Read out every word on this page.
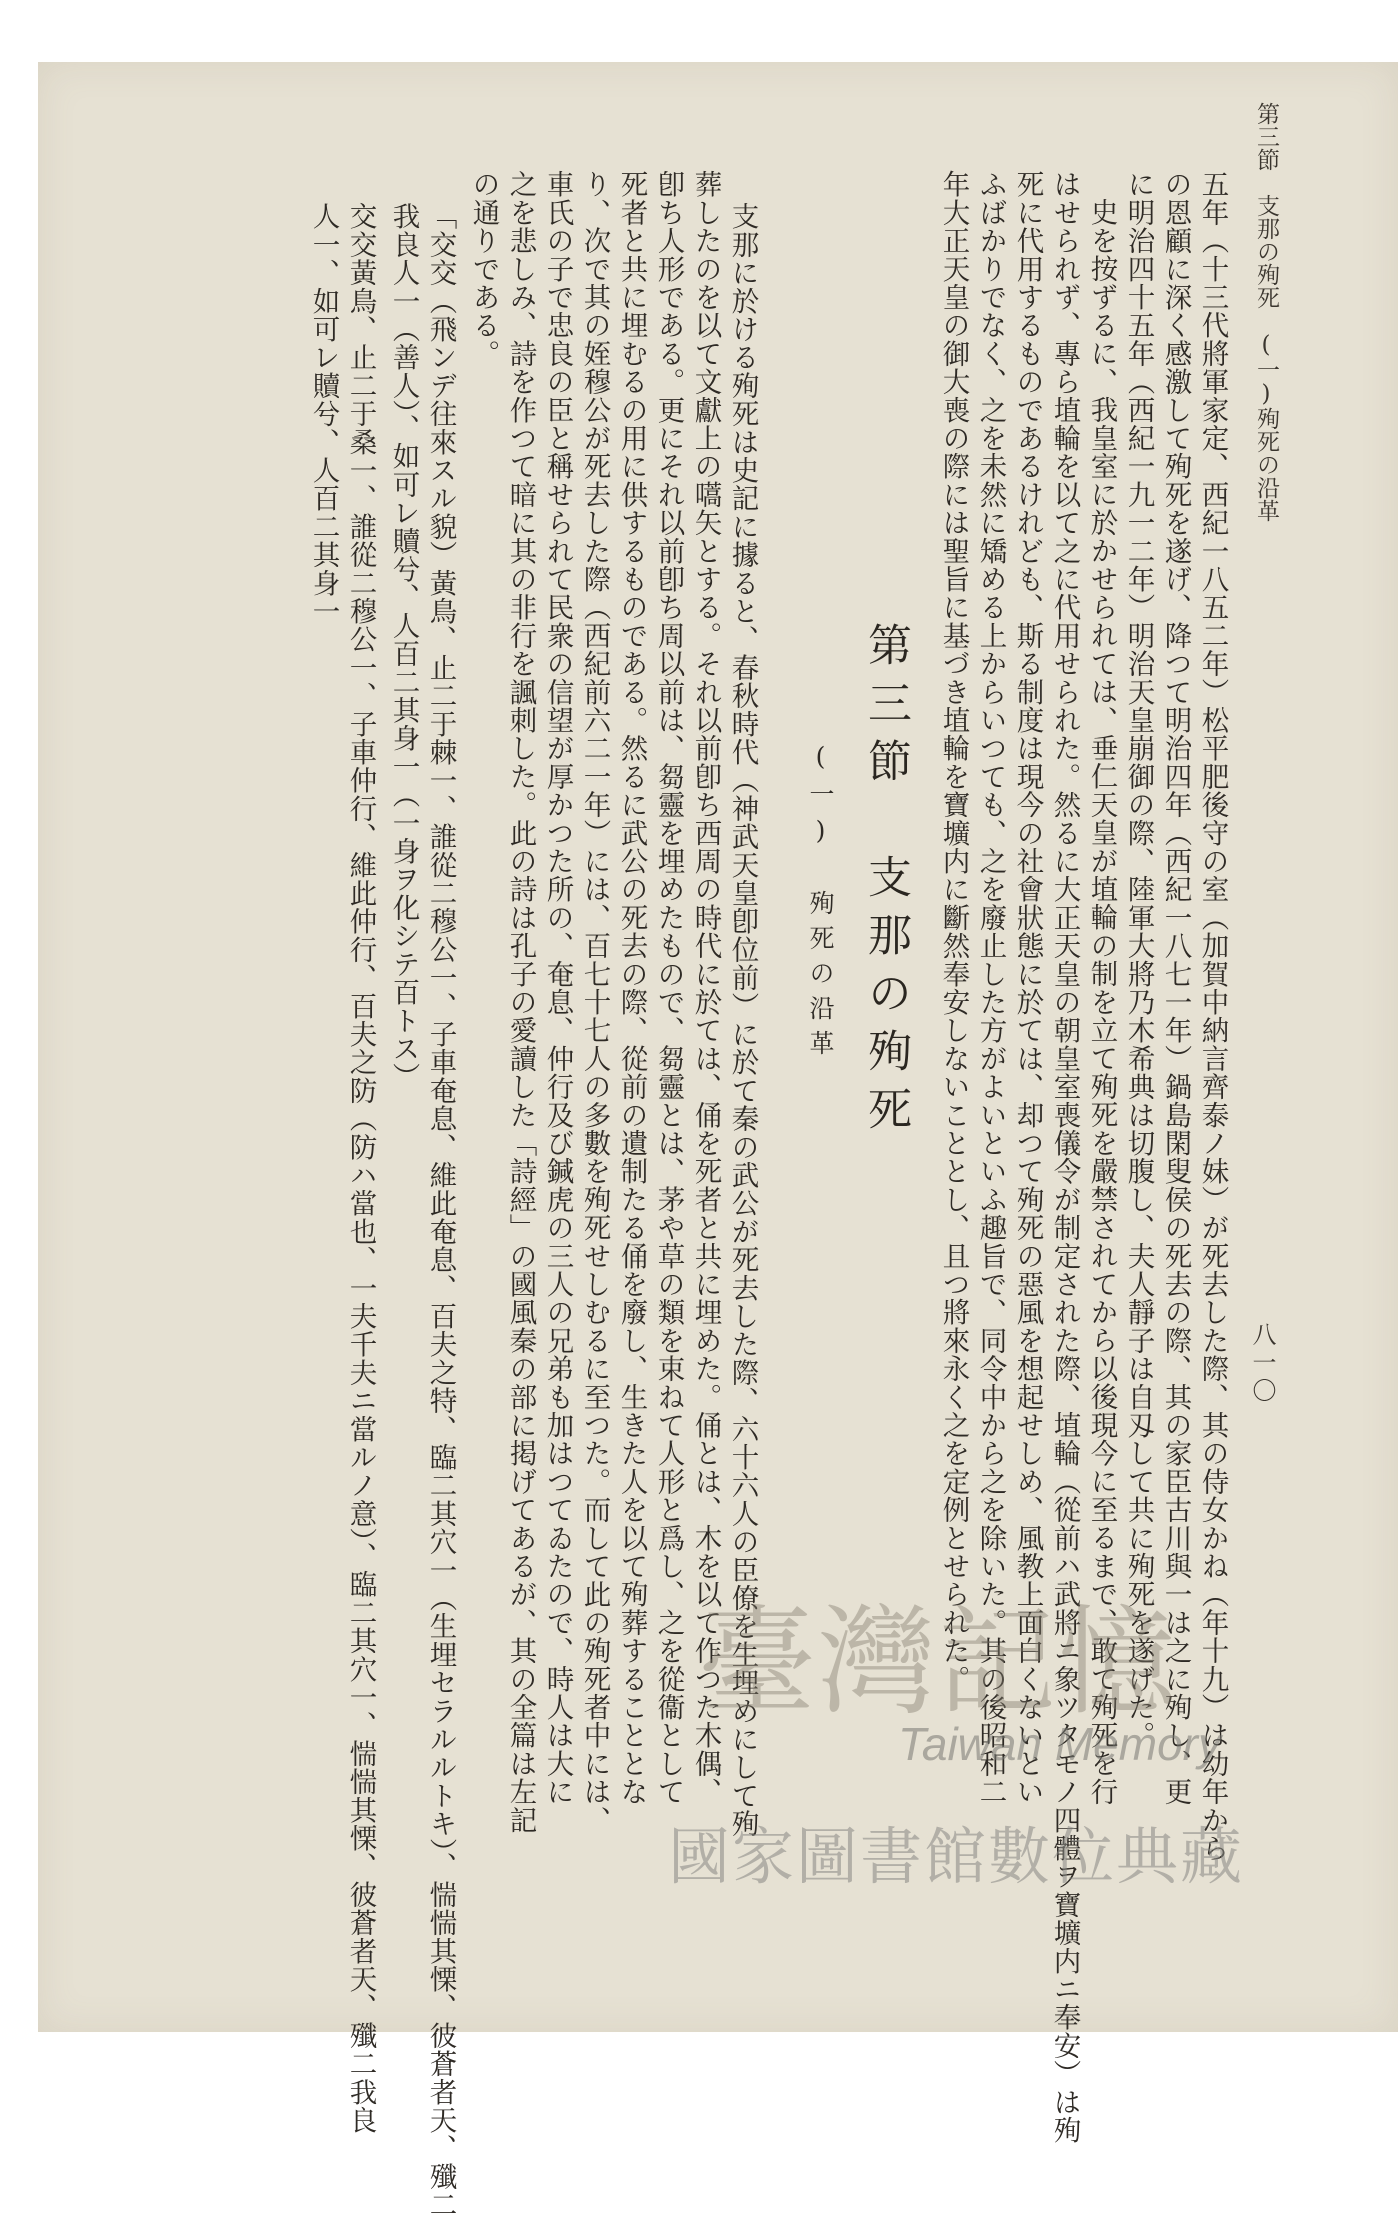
第三節　支那の殉死　(一)殉死の沿革
八一〇
五年（十三代將軍家定、西紀一八五二年）松平肥後守の室（加賀中納言齊泰ノ妹）が死去した際、其の侍女かね（年十九）は幼年から
の恩顧に深く感激して殉死を遂げ、降つて明治四年（西紀一八七一年）鍋島閑叟侯の死去の際、其の家臣古川與一は之に殉し、更
に明治四十五年（西紀一九一二年）明治天皇崩御の際、陸軍大將乃木希典は切腹し、夫人靜子は自刄して共に殉死を遂げた。
史を按ずるに、我皇室に於かせられては、垂仁天皇が埴輪の制を立て殉死を嚴禁されてから以後現今に至るまで、敢て殉死を行
はせられず、專ら埴輪を以て之に代用せられた。然るに大正天皇の朝皇室喪儀令が制定された際、埴輪（從前ハ武將ニ象ツタモノ四體ヲ寶壙内ニ奉安）は殉
死に代用するものであるけれども、斯る制度は現今の社會狀態に於ては、却つて殉死の惡風を想起せしめ、風教上面白くないとい
ふばかりでなく、之を未然に矯める上からいつても、之を廢止した方がよいといふ趣旨で、同令中から之を除いた。其の後昭和二
年大正天皇の御大喪の際には聖旨に基づき埴輪を寶壙内に斷然奉安しないこととし、且つ將來永く之を定例とせられた。
第三節　支那の殉死
(一)　殉死の沿革
支那に於ける殉死は史記に據ると、春秋時代（神武天皇卽位前）に於て秦の武公が死去した際、六十六人の臣僚を生埋めにして殉
葬したのを以て文獻上の嚆矢とする。それ以前卽ち西周の時代に於ては、俑を死者と共に埋めた。俑とは、木を以て作つた木偶、
卽ち人形である。更にそれ以前卽ち周以前は、芻靈を埋めたもので、芻靈とは、茅や草の類を束ねて人形と爲し、之を從衞として
死者と共に埋むるの用に供するものである。然るに武公の死去の際、從前の遺制たる俑を廢し、生きた人を以て殉葬することとな
り、次で其の姪穆公が死去した際（西紀前六二一年）には、百七十七人の多數を殉死せしむるに至つた。而して此の殉死者中には、
車氏の子で忠良の臣と稱せられて民衆の信望が厚かつた所の、奄息、仲行及び鍼虎の三人の兄弟も加はつてゐたので、時人は大に
之を悲しみ、詩を作つて暗に其の非行を諷刺した。此の詩は孔子の愛讀した「詩經」の國風秦の部に掲げてあるが、其の全篇は左記
の通りである。
「交交（飛ンデ往來スル貌）黃鳥、止二于棘一、誰從二穆公一、子車奄息、維此奄息、百夫之特、臨二其穴一（生埋セラルルトキ）、惴惴其慄、彼蒼者天、殲二
我良人一（善人）、如可レ贖兮、人百二其身一（一身ヲ化シテ百トス）
交交黃鳥、止二于桑一、誰從二穆公一、子車仲行、維此仲行、百夫之防（防ハ當也、一夫千夫ニ當ルノ意）、臨二其穴一、惴惴其慄、彼蒼者天、殲二我良
人一、如可レ贖兮、人百二其身一
臺灣記憶
Taiwan Memory
國家圖書館數位典藏
